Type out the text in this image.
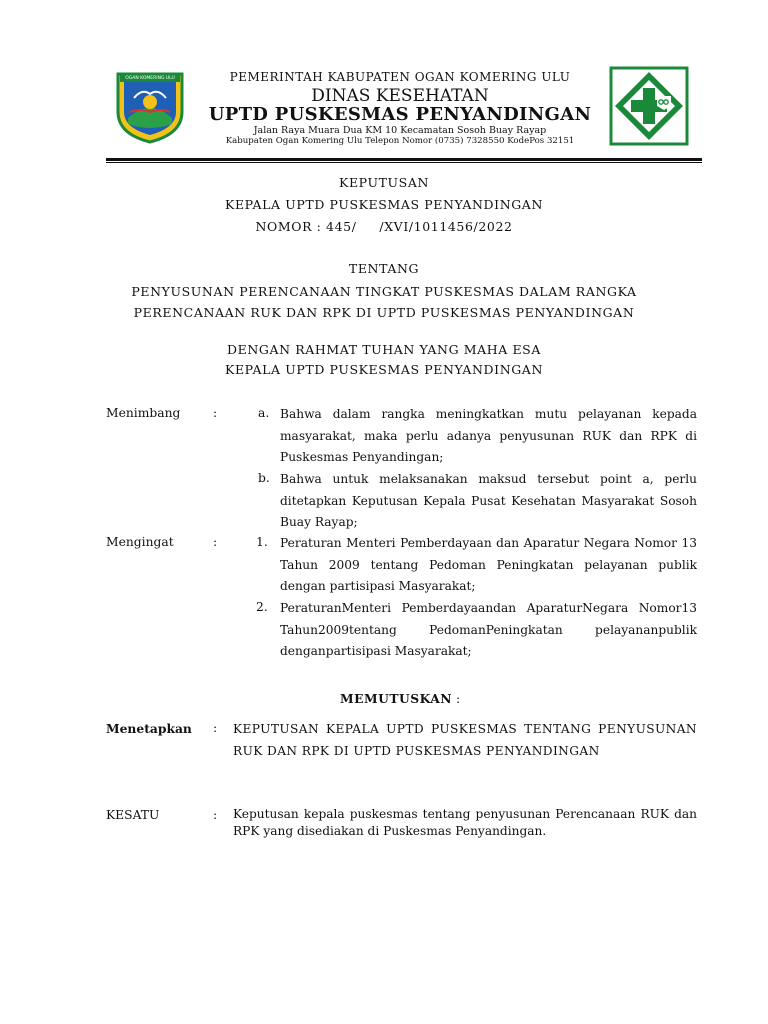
OGAN KOMERING ULU	PEMERINTAH KABUPATEN OGAN KOMERING ULU
DINAS KESEHATAN
UPTD PUSKESMAS PENYANDINGAN
Jalan Raya Muara Dua KM 10 Kecamatan Sosoh Buay Rayap
Kabupaten Ogan Komering Ulu Telepon Nomor (0735) 7328550 KodePos 32151
KEPUTUSAN
KEPALA UPTD PUSKESMAS PENYANDINGAN
NOMOR : 445/     /XVI/1011456/2022
TENTANG
PENYUSUNAN PERENCANAAN TINGKAT PUSKESMAS DALAM RANGKA
PERENCANAAN RUK DAN RPK DI UPTD PUSKESMAS PENYANDINGAN
DENGAN RAHMAT TUHAN YANG MAHA ESA
KEPALA UPTD PUSKESMAS PENYANDINGAN
Menimbang	:	a. Bahwa dalam rangka meningkatkan mutu pelayanan kepada masyarakat, maka perlu adanya penyusunan RUK dan RPK di Puskesmas Penyandingan;
b. Bahwa untuk melaksanakan maksud tersebut point a, perlu ditetapkan Keputusan Kepala Pusat Kesehatan Masyarakat Sosoh Buay Rayap;
Mengingat	:	1. Peraturan Menteri Pemberdayaan dan Aparatur Negara Nomor 13 Tahun 2009 tentang Pedoman Peningkatan pelayanan publik dengan partisipasi Masyarakat;
2. PeraturanMenteri Pemberdayaandan AparaturNegara Nomor13 Tahun2009tentang PedomanPeningkatan pelayananpublik denganpartisipasi Masyarakat;
MEMUTUSKAN :
Menetapkan : KEPUTUSAN KEPALA UPTD PUSKESMAS TENTANG PENYUSUNAN RUK DAN RPK DI UPTD PUSKESMAS PENYANDINGAN
KESATU	: Keputusan kepala puskesmas tentang penyusunan Perencanaan RUK dan RPK yang disediakan di Puskesmas Penyandingan.
